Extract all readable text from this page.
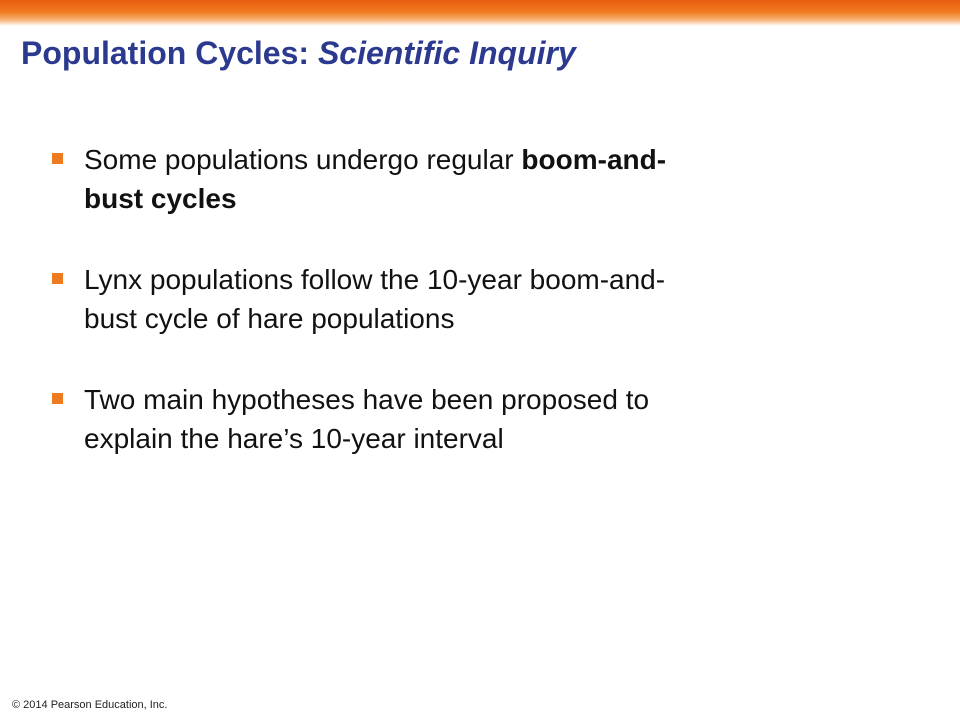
Population Cycles: Scientific Inquiry
Some populations undergo regular boom-and-
bust cycles
Lynx populations follow the 10-year boom-and-
bust cycle of hare populations
Two main hypotheses have been proposed to
explain the hare’s 10-year interval
© 2014 Pearson Education, Inc.
